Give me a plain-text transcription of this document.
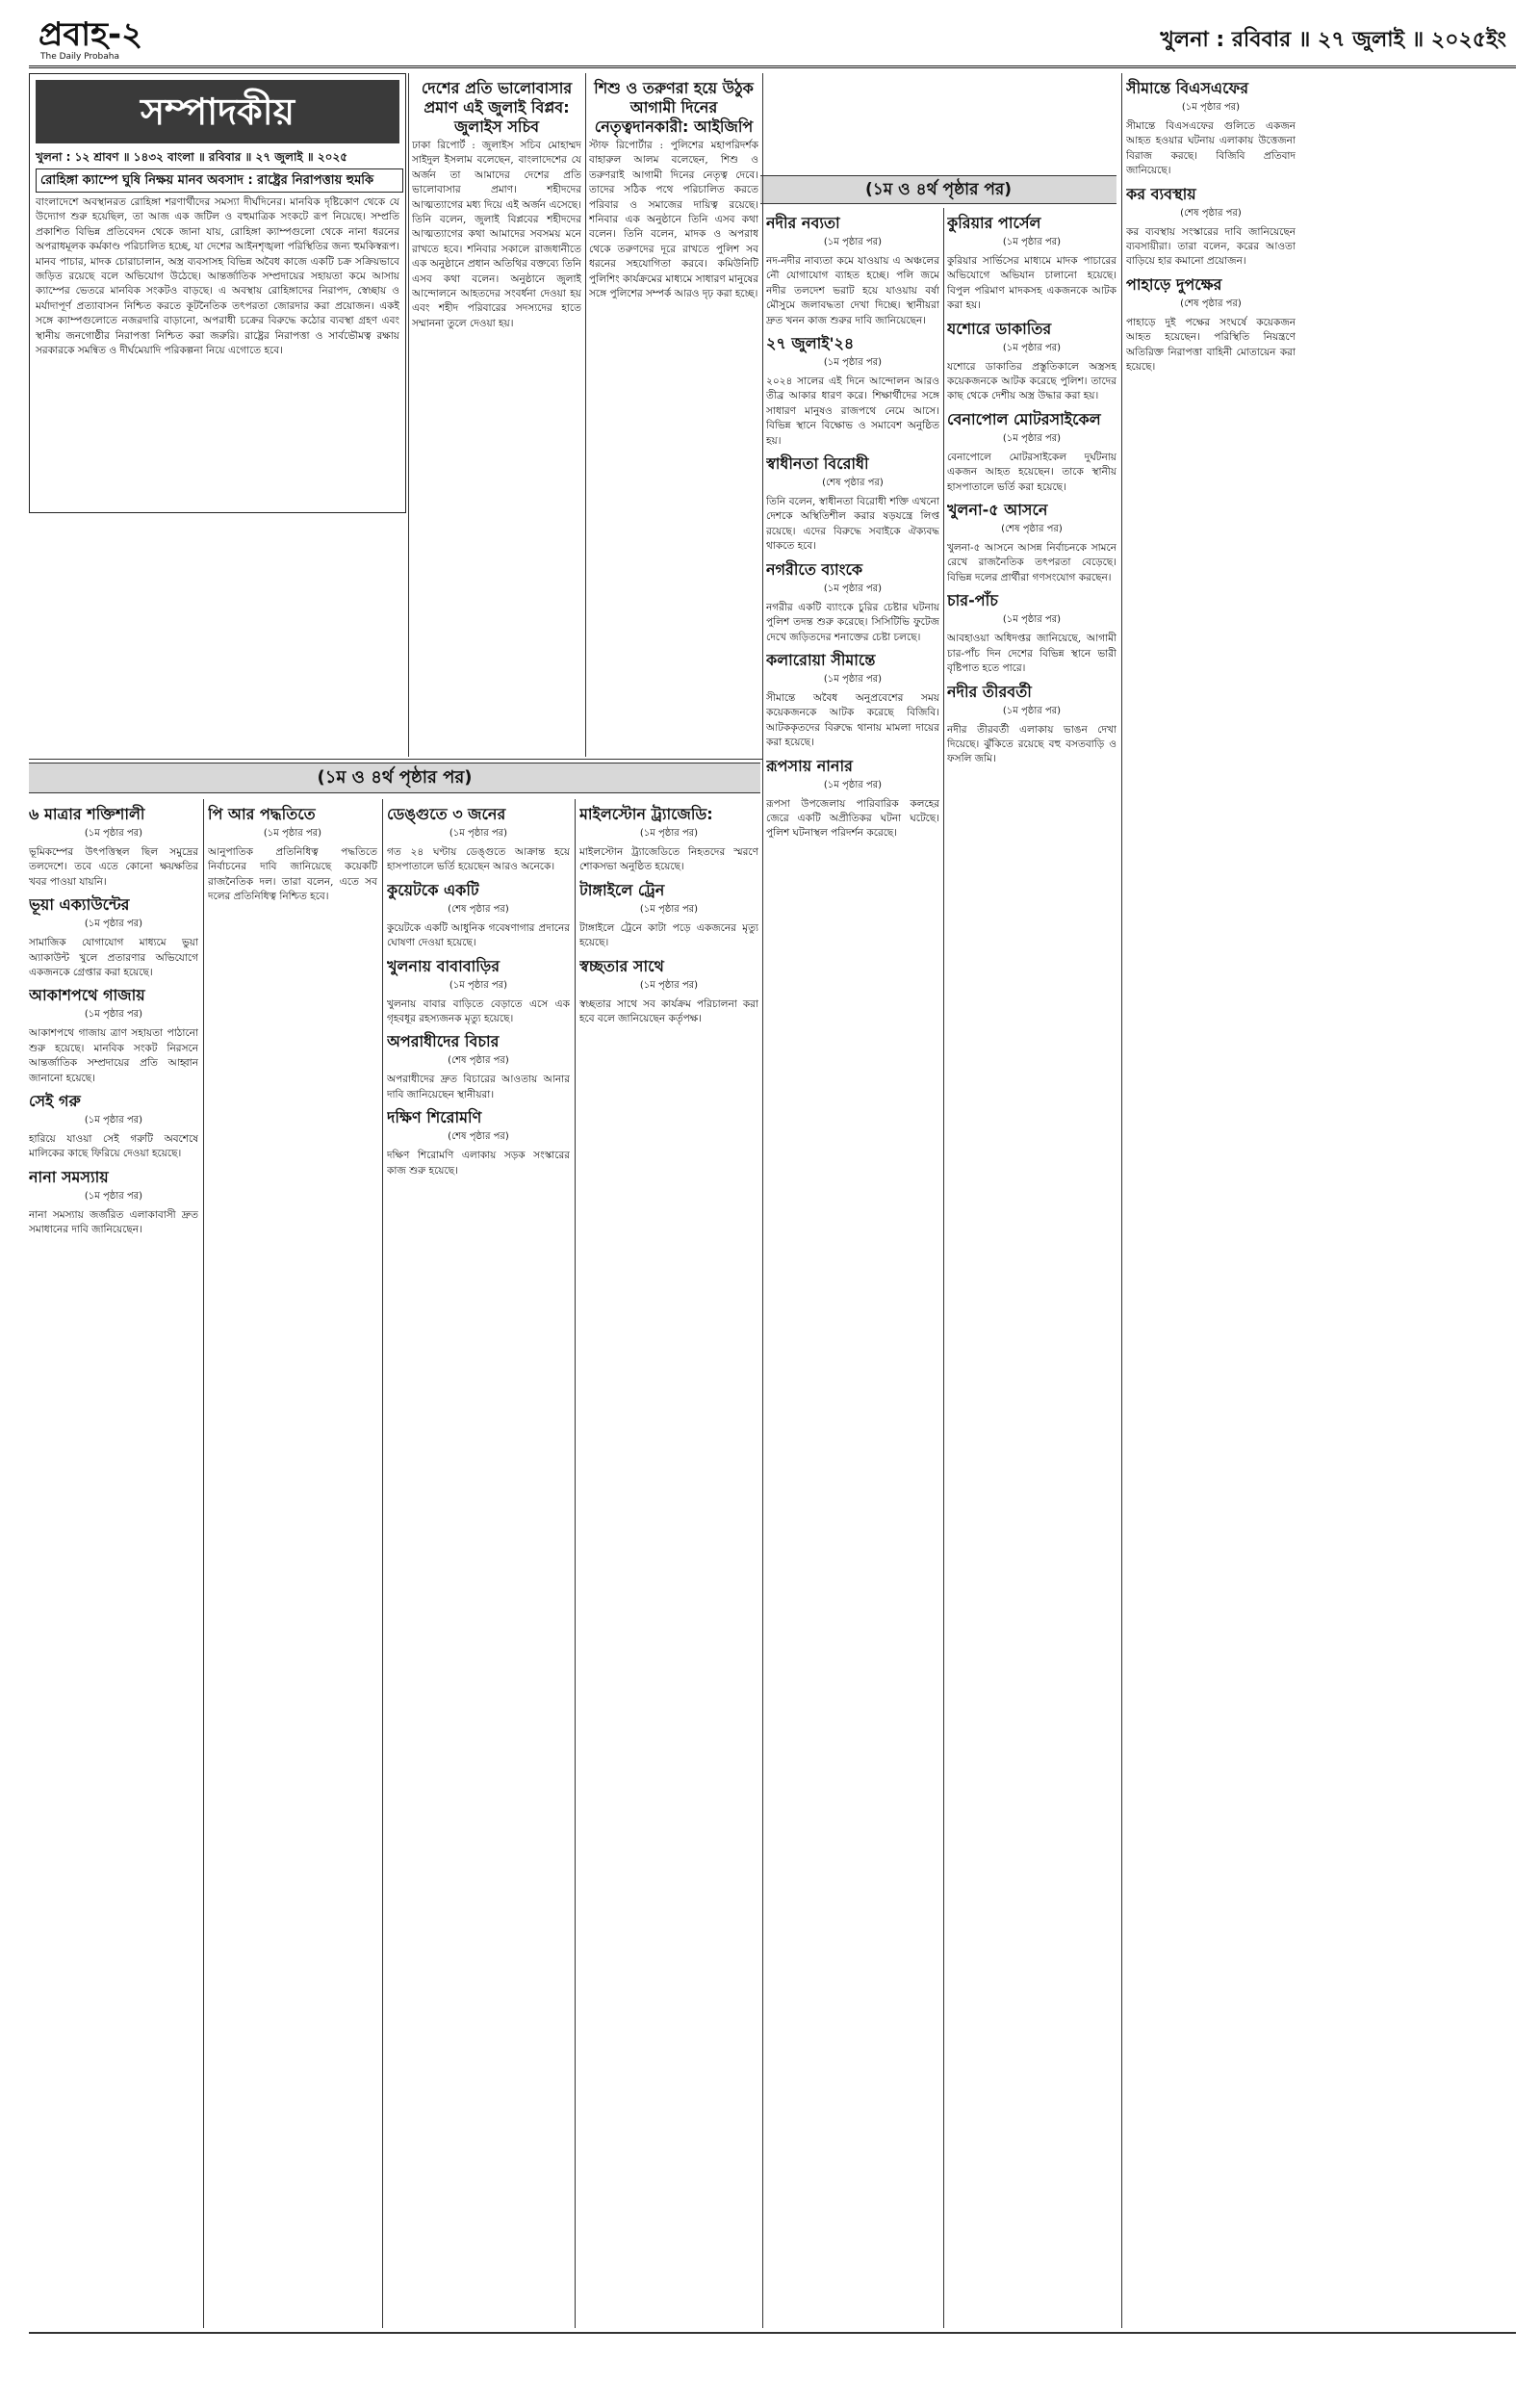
প্রবাহ-২
The Daily Probaha
খুলনা : রবিবার ॥ ২৭ জুলাই ॥ ২০২৫ইং
সম্পাদকীয়
খুলনা : ১২ শ্রাবণ ॥ ১৪৩২ বাংলা ॥ রবিবার ॥ ২৭ জুলাই ॥ ২০২৫
রোহিঙ্গা ক্যাম্পে ঘুষি নিক্ষয় মানব অবসাদ : রাষ্ট্রের নিরাপত্তায় হুমকি

বাংলাদেশে অবস্থানরত রোহিঙ্গা শরণার্থীদের সমস্যা দীর্ঘদিনের। মানবিক দৃষ্টিকোণ থেকে যে উদ্যোগ শুরু হয়েছিল, তা আজ এক জটিল ও বহুমাত্রিক সংকটে রূপ নিয়েছে। সম্প্রতি প্রকাশিত বিভিন্ন প্রতিবেদন থেকে জানা যায়, রোহিঙ্গা ক্যাম্পগুলো থেকে নানা ধরনের অপরাধমূলক কর্মকাণ্ড পরিচালিত হচ্ছে, যা দেশের আইনশৃঙ্খলা পরিস্থিতির জন্য হুমকিস্বরূপ। মানব পাচার, মাদক চোরাচালান, অস্ত্র ব্যবসাসহ বিভিন্ন অবৈধ কাজে একটি চক্র সক্রিয়ভাবে জড়িত রয়েছে বলে অভিযোগ উঠেছে। আন্তর্জাতিক সম্প্রদায়ের সহায়তা কমে আসায় ক্যাম্পের ভেতরে মানবিক সংকটও বাড়ছে। এ অবস্থায় রোহিঙ্গাদের নিরাপদ, স্বেচ্ছায় ও মর্যাদাপূর্ণ প্রত্যাবাসন নিশ্চিত করতে কূটনৈতিক তৎপরতা জোরদার করা প্রয়োজন। একই সঙ্গে ক্যাম্পগুলোতে নজরদারি বাড়ানো, অপরাধী চক্রের বিরুদ্ধে কঠোর ব্যবস্থা গ্রহণ এবং স্থানীয় জনগোষ্ঠীর নিরাপত্তা নিশ্চিত করা জরুরি। রাষ্ট্রের নিরাপত্তা ও সার্বভৌমত্ব রক্ষায় সরকারকে সমন্বিত ও দীর্ঘমেয়াদি পরিকল্পনা নিয়ে এগোতে হবে।

(১ম ও ৪র্থ পৃষ্ঠার পর)
(১ম ও ৪র্থ পৃষ্ঠার পর)
দেশের প্রতি ভালোবাসার প্রমাণ এই জুলাই বিপ্লব: জুলাইস সচিব

ঢাকা রিপোর্ট : জুলাইস সচিব মোহাম্মদ সাইদুল ইসলাম বলেছেন, বাংলাদেশের যে অর্জন তা আমাদের দেশের প্রতি ভালোবাসার প্রমাণ। শহীদদের আত্মত্যাগের মধ্য দিয়ে এই অর্জন এসেছে। তিনি বলেন, জুলাই বিপ্লবের শহীদদের আত্মত্যাগের কথা আমাদের সবসময় মনে রাখতে হবে। শনিবার সকালে রাজধানীতে এক অনুষ্ঠানে প্রধান অতিথির বক্তব্যে তিনি এসব কথা বলেন। অনুষ্ঠানে জুলাই আন্দোলনে আহতদের সংবর্ধনা দেওয়া হয় এবং শহীদ পরিবারের সদস্যদের হাতে সম্মাননা তুলে দেওয়া হয়।

শিশু ও তরুণরা হয়ে উঠুক আগামী দিনের নেতৃত্বদানকারী: আইজিপি

স্টাফ রিপোর্টার : পুলিশের মহাপরিদর্শক বাহারুল আলম বলেছেন, শিশু ও তরুণরাই আগামী দিনের নেতৃত্ব দেবে। তাদের সঠিক পথে পরিচালিত করতে পরিবার ও সমাজের দায়িত্ব রয়েছে। শনিবার এক অনুষ্ঠানে তিনি এসব কথা বলেন। তিনি বলেন, মাদক ও অপরাধ থেকে তরুণদের দূরে রাখতে পুলিশ সব ধরনের সহযোগিতা করবে। কমিউনিটি পুলিশিং কার্যক্রমের মাধ্যমে সাধারণ মানুষের সঙ্গে পুলিশের সম্পর্ক আরও দৃঢ় করা হচ্ছে।

নদীর নব্যতা
(১ম পৃষ্ঠার পর)

নদ-নদীর নাব্যতা কমে যাওয়ায় এ অঞ্চলের নৌ যোগাযোগ ব্যাহত হচ্ছে। পলি জমে নদীর তলদেশ ভরাট হয়ে যাওয়ায় বর্ষা মৌসুমে জলাবদ্ধতা দেখা দিচ্ছে। স্থানীয়রা দ্রুত খনন কাজ শুরুর দাবি জানিয়েছেন।

২৭ জুলাই'২৪
(১ম পৃষ্ঠার পর)

২০২৪ সালের এই দিনে আন্দোলন আরও তীব্র আকার ধারণ করে। শিক্ষার্থীদের সঙ্গে সাধারণ মানুষও রাজপথে নেমে আসে। বিভিন্ন স্থানে বিক্ষোভ ও সমাবেশ অনুষ্ঠিত হয়।

স্বাধীনতা বিরোধী
(শেষ পৃষ্ঠার পর)

তিনি বলেন, স্বাধীনতা বিরোধী শক্তি এখনো দেশকে অস্থিতিশীল করার ষড়যন্ত্রে লিপ্ত রয়েছে। এদের বিরুদ্ধে সবাইকে ঐক্যবদ্ধ থাকতে হবে।

নগরীতে ব্যাংকে
(১ম পৃষ্ঠার পর)

নগরীর একটি ব্যাংকে চুরির চেষ্টার ঘটনায় পুলিশ তদন্ত শুরু করেছে। সিসিটিভি ফুটেজ দেখে জড়িতদের শনাক্তের চেষ্টা চলছে।

কলারোয়া সীমান্তে
(১ম পৃষ্ঠার পর)

সীমান্তে অবৈধ অনুপ্রবেশের সময় কয়েকজনকে আটক করেছে বিজিবি। আটককৃতদের বিরুদ্ধে থানায় মামলা দায়ের করা হয়েছে।

রূপসায় নানার
(১ম পৃষ্ঠার পর)

রূপসা উপজেলায় পারিবারিক কলহের জেরে একটি অপ্রীতিকর ঘটনা ঘটেছে। পুলিশ ঘটনাস্থল পরিদর্শন করেছে।

কুরিয়ার পার্সেল
(১ম পৃষ্ঠার পর)

কুরিয়ার সার্ভিসের মাধ্যমে মাদক পাচারের অভিযোগে অভিযান চালানো হয়েছে। বিপুল পরিমাণ মাদকসহ একজনকে আটক করা হয়।

যশোরে ডাকাতির
(১ম পৃষ্ঠার পর)

যশোরে ডাকাতির প্রস্তুতিকালে অস্ত্রসহ কয়েকজনকে আটক করেছে পুলিশ। তাদের কাছ থেকে দেশীয় অস্ত্র উদ্ধার করা হয়।

বেনাপোল মোটরসাইকেল
(১ম পৃষ্ঠার পর)

বেনাপোলে মোটরসাইকেল দুর্ঘটনায় একজন আহত হয়েছেন। তাকে স্থানীয় হাসপাতালে ভর্তি করা হয়েছে।

খুলনা-৫ আসনে
(শেষ পৃষ্ঠার পর)

খুলনা-৫ আসনে আসন্ন নির্বাচনকে সামনে রেখে রাজনৈতিক তৎপরতা বেড়েছে। বিভিন্ন দলের প্রার্থীরা গণসংযোগ করছেন।

চার-পাঁচ
(১ম পৃষ্ঠার পর)

আবহাওয়া অধিদপ্তর জানিয়েছে, আগামী চার-পাঁচ দিন দেশের বিভিন্ন স্থানে ভারী বৃষ্টিপাত হতে পারে।

নদীর তীরবর্তী
(১ম পৃষ্ঠার পর)

নদীর তীরবর্তী এলাকায় ভাঙন দেখা দিয়েছে। ঝুঁকিতে রয়েছে বহু বসতবাড়ি ও ফসলি জমি।

সীমান্তে বিএসএফের
(১ম পৃষ্ঠার পর)

সীমান্তে বিএসএফের গুলিতে একজন আহত হওয়ার ঘটনায় এলাকায় উত্তেজনা বিরাজ করছে। বিজিবি প্রতিবাদ জানিয়েছে।

কর ব্যবস্থায়
(শেষ পৃষ্ঠার পর)

কর ব্যবস্থায় সংস্কারের দাবি জানিয়েছেন ব্যবসায়ীরা। তারা বলেন, করের আওতা বাড়িয়ে হার কমানো প্রয়োজন।

পাহাড়ে দুপক্ষের
(শেষ পৃষ্ঠার পর)

পাহাড়ে দুই পক্ষের সংঘর্ষে কয়েকজন আহত হয়েছেন। পরিস্থিতি নিয়ন্ত্রণে অতিরিক্ত নিরাপত্তা বাহিনী মোতায়েন করা হয়েছে।

৬ মাত্রার শক্তিশালী
(১ম পৃষ্ঠার পর)

ভূমিকম্পের উৎপত্তিস্থল ছিল সমুদ্রের তলদেশে। তবে এতে কোনো ক্ষয়ক্ষতির খবর পাওয়া যায়নি।

ভূয়া এক্যাউন্টের
(১ম পৃষ্ঠার পর)

সামাজিক যোগাযোগ মাধ্যমে ভুয়া অ্যাকাউন্ট খুলে প্রতারণার অভিযোগে একজনকে গ্রেপ্তার করা হয়েছে।

আকাশপথে গাজায়
(১ম পৃষ্ঠার পর)

আকাশপথে গাজায় ত্রাণ সহায়তা পাঠানো শুরু হয়েছে। মানবিক সংকট নিরসনে আন্তর্জাতিক সম্প্রদায়ের প্রতি আহ্বান জানানো হয়েছে।

সেই গরু
(১ম পৃষ্ঠার পর)

হারিয়ে যাওয়া সেই গরুটি অবশেষে মালিকের কাছে ফিরিয়ে দেওয়া হয়েছে।

নানা সমস্যায়
(১ম পৃষ্ঠার পর)

নানা সমস্যায় জর্জরিত এলাকাবাসী দ্রুত সমাধানের দাবি জানিয়েছেন।

পি আর পদ্ধতিতে
(১ম পৃষ্ঠার পর)

আনুপাতিক প্রতিনিধিত্ব পদ্ধতিতে নির্বাচনের দাবি জানিয়েছে কয়েকটি রাজনৈতিক দল। তারা বলেন, এতে সব দলের প্রতিনিধিত্ব নিশ্চিত হবে।

ডেঙ্গুতে ৩ জনের
(১ম পৃষ্ঠার পর)

গত ২৪ ঘণ্টায় ডেঙ্গুতে আক্রান্ত হয়ে হাসপাতালে ভর্তি হয়েছেন আরও অনেকে।

কুয়েটকে একটি
(শেষ পৃষ্ঠার পর)

কুয়েটকে একটি আধুনিক গবেষণাগার প্রদানের ঘোষণা দেওয়া হয়েছে।

খুলনায় বাবাবাড়ির
(১ম পৃষ্ঠার পর)

খুলনায় বাবার বাড়িতে বেড়াতে এসে এক গৃহবধূর রহস্যজনক মৃত্যু হয়েছে।

অপরাধীদের বিচার
(শেষ পৃষ্ঠার পর)

অপরাধীদের দ্রুত বিচারের আওতায় আনার দাবি জানিয়েছেন স্থানীয়রা।

দক্ষিণ শিরোমণি
(শেষ পৃষ্ঠার পর)

দক্ষিণ শিরোমণি এলাকায় সড়ক সংস্কারের কাজ শুরু হয়েছে।

মাইলস্টোন ট্র্যাজেডি:
(১ম পৃষ্ঠার পর)

মাইলস্টোন ট্র্যাজেডিতে নিহতদের স্মরণে শোকসভা অনুষ্ঠিত হয়েছে।

টাঙ্গাইলে ট্রেন
(১ম পৃষ্ঠার পর)

টাঙ্গাইলে ট্রেনে কাটা পড়ে একজনের মৃত্যু হয়েছে।

স্বচ্ছতার সাথে
(১ম পৃষ্ঠার পর)

স্বচ্ছতার সাথে সব কার্যক্রম পরিচালনা করা হবে বলে জানিয়েছেন কর্তৃপক্ষ।
